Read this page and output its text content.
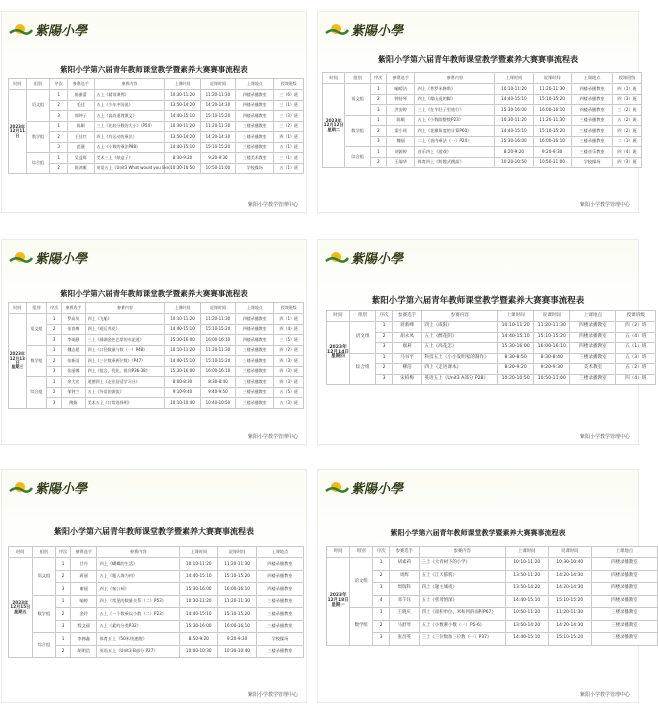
紫陽小學
紫阳小学第六届青年教师课堂教学暨素养大赛赛事流程表
时间	组别	序次	参赛选手	参赛内容	上课时间	说课时间	上课地点	授课班级
2023年
12月11日	语文组	1	陈雅蕾	五上《精读课例》	10:30-11:20	11:20-11:30	四楼录播教室	三（6）班
		2	毛佳	五上《少年中国说》	13:50-14:20	14:20-14:30	四楼录播教室	三（1）班
		3	郭仲子	五上《高尚道理课文》	14:40-15:10	15:10-15:20	四楼录播教室	三（3）班
	数学组	1	陈顺	三上《比较分数的大小》（P54）	10:30-11:20	11:20-11:30	三楼录播教室	三（2）班
		2	王佳红	四上《有运动的乘法》	13:50-14:20	14:20-14:30	三楼录播教室	四（1）班
		3	范薇	五上《小数的乘法P88》	14:40-15:10	15:10-15:20	三楼录播教室	五（1）班
	综合组	1	吴益辉	美术三上《纸盒子》	8:30-9:20	9:20-9:30	三楼美术教室	三（1）班
		2	陈鸿雁	英语五上《Unit3 What would you like》	10:30-10:50	10:50-11:00	学校操场	五（1）班
紫阳小学教学管理中心
紫陽小學
紫阳小学第六届青年教师课堂教学暨素养大赛赛事流程表
时间	组别	序次	参赛选手	参赛内容	上课时间	说课时间	上课地点	授课班级
2023年
12月12日
星期二	语文组	1	喻晴洁	四上《普罗米修斯》	10:10-11:20	11:20-11:30	四楼录播教室	四（1）班
		2	钟舒琴	四上《爬山虎的脚》	14:40-15:10	15:10-15:20	四楼录播教室	四（3）班
		3	洪安婷	三上《在牛肚子里旅行》	15:30-16:00	16:00-16:10	四楼录播教室	三（2）班
	数学组	1	陈顺	五上《小数除整数P23》	10:30-11:20	11:20-11:30	三楼录播教室	五（2）班
		2	梁小瑶	四上《花瓣角度的计算P60》	14:40-15:10	15:10-15:20	三楼录播教室	四（2）班
		3	魏丽	二上《表内乘法（一）P24》	15:30-16:00	16:00-16:10	三楼录播教室	二（1）班
	综合组	1	刘源婷	音乐四上《游戏》	8:20-9:20	9:20-9:30	三楼音乐教室	四（4）班
		2	王瑜华	体育四上《跨越式跳高》	10:20-10:50	10:50-11:00	学校操场	四（3）班
紫阳小学教学管理中心
紫陽小學
紫阳小学第六届青年教师课堂教学暨素养大赛赛事流程表
时间	组别	序次	参赛选手	参赛内容	上课时间	说课时间	上课地点	授课班级
2023年
12月13日
星期三	语文组	1	罗高凤	四上《飞船》	10:10-11:20	11:20-11:30	四楼录播教室	四（1）班
		2	张育梅	四上《观后养花》	14:40-15:10	15:10-15:20	四楼录播教室	四（4）班
		3	李琦静	三上《铺满金色巴掌的水泥道》	15:30-16:00	16:00-16:10	四楼录播教室	三（5）班
	数学组	1	魏志超	四上《口径数量与数（一）P48》	10:10-11:20	11:20-11:30	三楼录播教室	四（2）班
		2	张新雨	四上《三位数乘两位数》（P47）	14:40-15:10	15:10-15:20	三楼录播教室	四（3）班
		3	张丽娜	四上《组合、优化、排列P36-38》	15:30-16:00	16:00-16:10	三楼录播教室	四（3）班
	综合组	1	余大宏	道德四上《走出舒适学习日》	8:00-8:30	8:30-8:40	三楼录播教室	四（3）班
		2	邹钟兰	五上《外语的源流》	9:10-9:40	9:40-9:50	三楼录播教室	五（5）班
		3	陶娟	美术五上《口常选择明》	10:10-10:40	10:40-10:50	三楼录播教室	五（3）班
紫阳小学教学管理中心
紫陽小學
紫阳小学第六届青年教师课堂教学暨素养大赛赛事流程表
时间	组别	序次	参赛选手	参赛内容	上课时间	说课时间	上课地点	授课班级
2023年
12月14日
星期四	语文组	1	蒋新峰	四上《咸阳》	10:10-11:20	11:20-11:30	四楼录播教室	四（2）班
		2	胡永凤	五上《醉花阴》	14:40-15:10	15:10-15:20	四楼录播教室	五（4）班
		3	康莉	五上《高花怎》	15:30-16:00	16:00-16:10	四楼录播教室	五（1）班
	综合组	1	马书平	科技五上《小小发明家的制作》	8:30-8:50	8:30-8:40	三楼录播教室	五（3）班
		2	柳洁	四上《走进课本》	8:20-9:20	9:20-9:30	美术教室	五（2）班
		3	宋柏梅	英语五上《Unit3 A部分 P28》	10:20-10:50	10:50-11:00	三楼录播教室	四（4）班
紫阳小学教学管理中心
紫陽小學
紫阳小学第六届青年教师课堂教学暨素养大赛赛事流程表
时间	组别	序次	参赛选手	参赛内容	上课时间	说课时间	上课地点
2023年
12月15日
星期五	语文组	1	甘丹	四上《蝴蝶的生活》	10:10-11:20	11:20-11:30	四楼录播教室
		2	蒋丽	五上《题人海为何》	14:40-15:10	15:10-15:20	四楼录播教室
		3	谢丽	四上《秦公祠》	15:30-16:00	16:00-16:10	四楼录播教室
	数学组	1	喻婷	四上《常见的数量关系（二）P53》	10:30-11:20	11:20-11:30	三楼录播教室
		2	金玲	五上《一个数乘以小数（二）P23》	14:40-15:10	15:10-15:20	三楼录播教室
		3	程文丽	五上《素的分类P32》	15:30-16:00	16:00-16:10	三楼录播教室
	综合组	1	李韩鑫	体育五上《50米快速跑》	8:50-9:20	9:20-9:30	学校操场
		2	胡明浩	英语五上《Unit3 B部分 P27》	10:00-10:30	10:30-10:40	三楼录播教室
紫阳小学教学管理中心
紫陽小學
紫阳小学第六届青年教师课堂教学暨素养大赛赛事流程表
时间	组别	序次	参赛选手	参赛内容	上课时间	说课时间	上课地点
2023年
12月18日
星期一	语文组	1	胡素莉	三上《大青树下的小学》	10:10-11:20	10:30-10:40	四楼录播教室
		2	周辉	五上《江天郁鸦》	13:50-11:20	14:20-14:30	四楼录播教室
		3	周瑞科	四上《题主城夜》	13:50-14:20	14:20-14:30	四楼录播教室
		4	邓千钰	五上《慈母情深》	14:40-15:10	15:10-15:20	四楼录播教室
	数学组	1	王晓庆	四上《面积单位、米和到的面积P67》	10:50-11:20	11:20-11:30	三楼录播教室
		2	马舒琴	五上《小数乘小数（一）P5-6》	13:50-14:20	14:20-14:30	三楼录播教室
		3	张昌英	三上《三位数加三位数（一）P37》	14:40-15:10	15:10-15:20	三楼录播教室
紫阳小学教学管理中心
